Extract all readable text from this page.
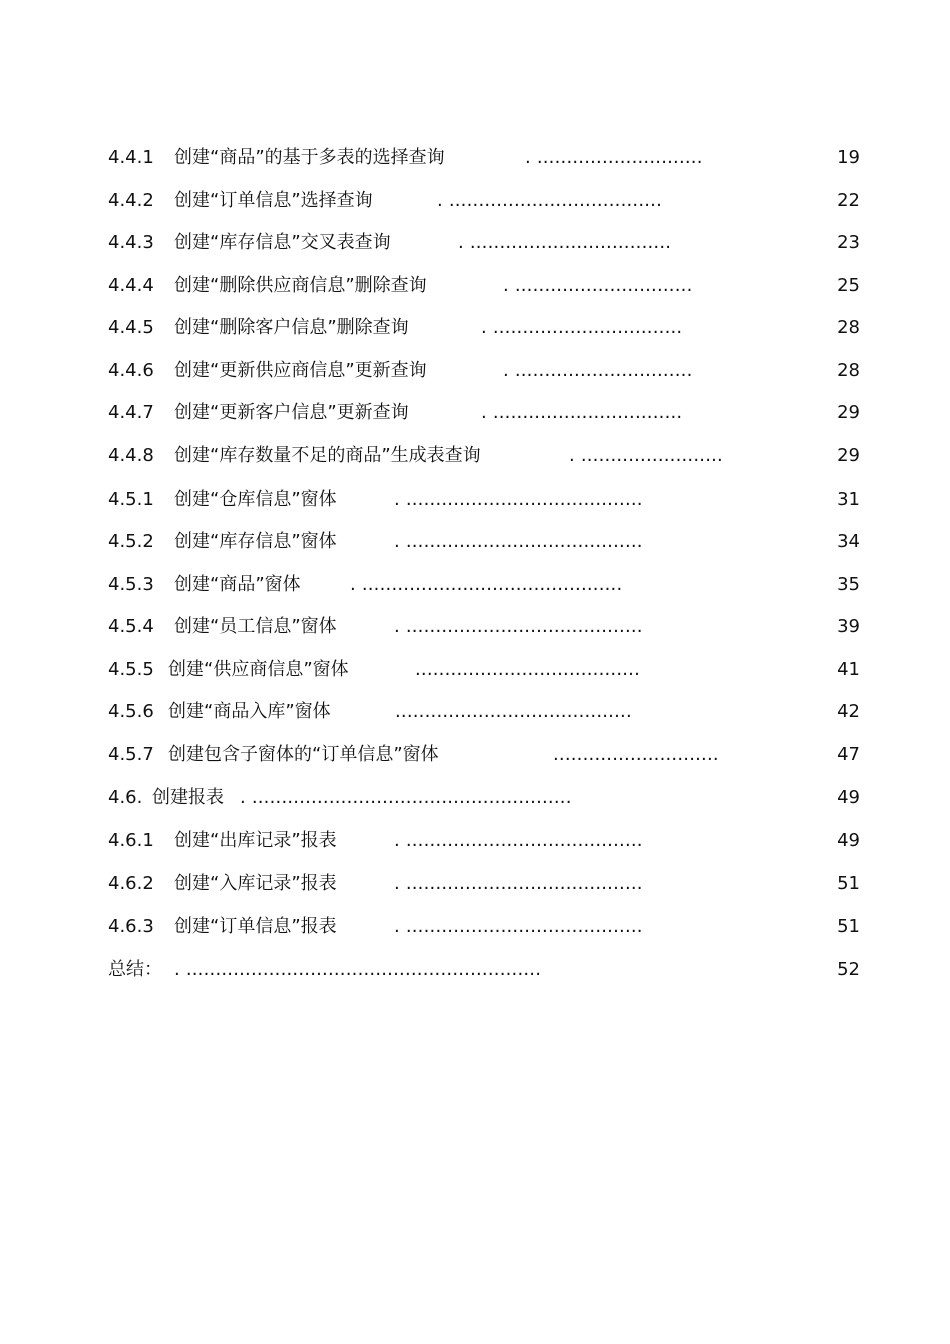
4.4.1 创建“商品”的基于多表的选择查询	. ............................	19
4.4.2 创建“订单信息”选择查询	. ....................................	22
4.4.3 创建“库存信息”交叉表查询	. ..................................	23
4.4.4 创建“删除供应商信息”删除查询	. ..............................	25
4.4.5 创建“删除客户信息”删除查询	. ................................	28
4.4.6 创建“更新供应商信息”更新查询	. ..............................	28
4.4.7 创建“更新客户信息”更新查询	. ................................	29
4.4.8 创建“库存数量不足的商品”生成表查询	. ........................	29
4.5.1 创建“仓库信息”窗体	. ........................................	31
4.5.2 创建“库存信息”窗体	. ........................................	34
4.5.3 创建“商品”窗体	. ............................................	35
4.5.4 创建“员工信息”窗体	. ........................................	39
4.5.5 创建“供应商信息”窗体	......................................	41
4.5.6 创建“商品入库”窗体	........................................	42
4.5.7 创建包含子窗体的“订单信息”窗体	............................	47
4.6. 创建报表 . ......................................................	49
4.6.1 创建“出库记录”报表	. ........................................	49
4.6.2 创建“入库记录”报表	. ........................................	51
4.6.3 创建“订单信息”报表	. ........................................	51
总结： . ............................................................	52
